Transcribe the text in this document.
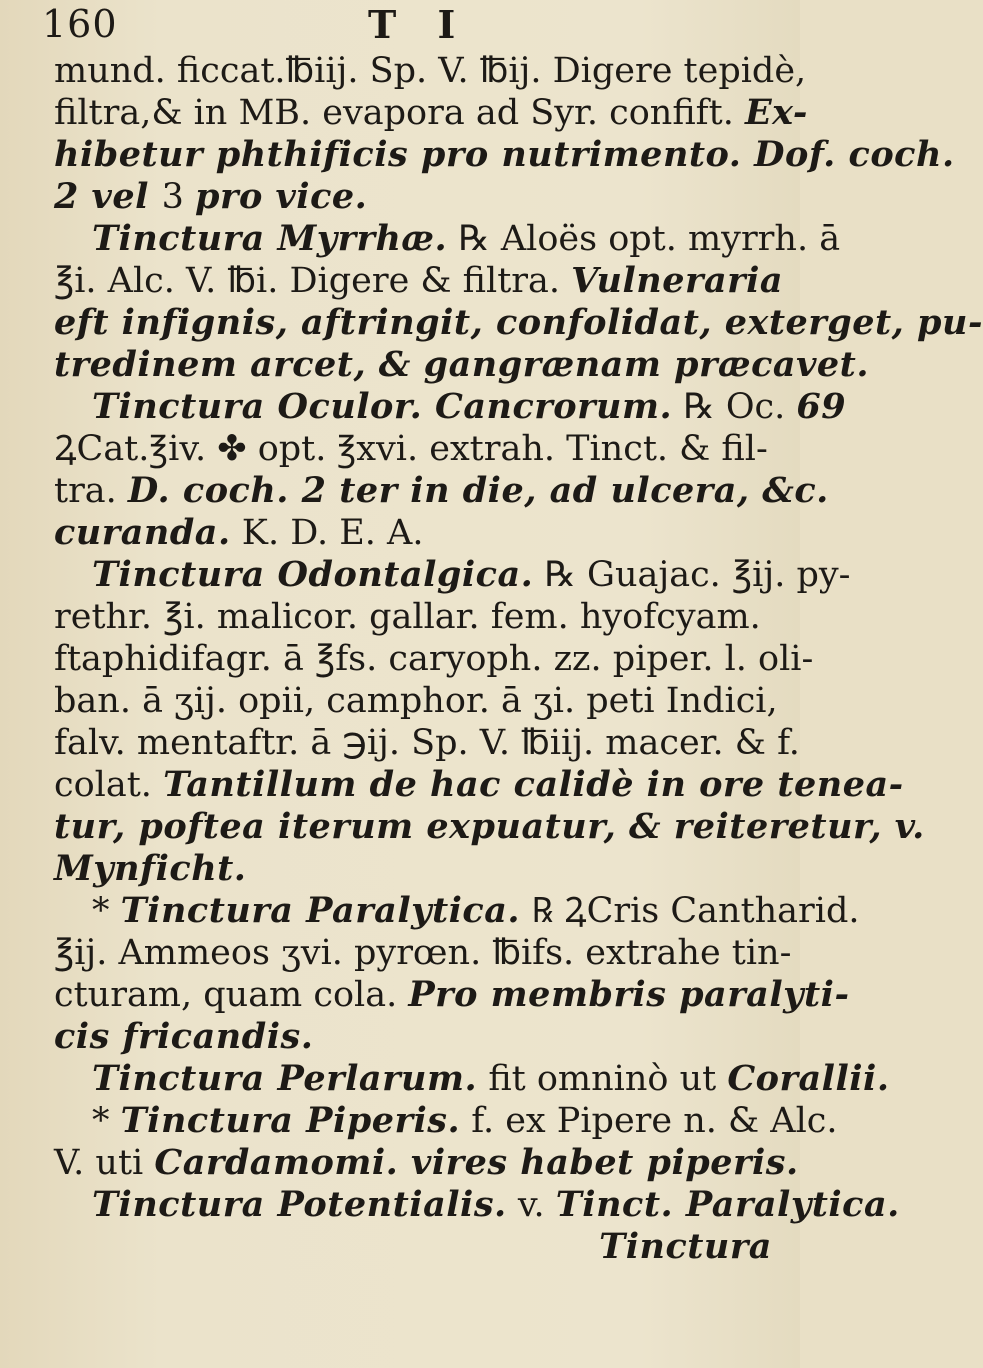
160	T I
mund. ficcat.℔iij. Sp. V. ℔ij. Digere tepidè,
filtra,& in MB. evapora ad Syr. confift. Ex-
hibetur phthificis pro nutrimento. Dof. coch.
2 vel 3 pro vice.
Tinctura Myrrhæ. ℞ Aloës opt. myrrh. ā
℥i. Alc. V. ℔i. Digere & filtra. Vulneraria
eft infignis, aftringit, confolidat, exterget, pu-
tredinem arcet, & gangrænam præcavet.
Tinctura Oculor. Cancrorum. ℞ Oc. 69
ꝜCat.℥iv. ✤ opt. ℥xvi. extrah. Tinct. & fil-
tra. D. coch. 2 ter in die, ad ulcera, &c.
curanda. K. D. E. A.
Tinctura Odontalgica. ℞ Guajac. ℥ij. py-
rethr. ℥i. malicor. gallar. fem. hyofcyam.
ftaphidifagr. ā ℥fs. caryoph. zz. piper. l. oli-
ban. ā ʒij. opii, camphor. ā ʒi. peti Indici,
falv. mentaftr. ā ℈ij. Sp. V. ℔iij. macer. & f.
colat. Tantillum de hac calidè in ore tenea-
tur, poftea iterum expuatur, & reiteretur, v.
Mynficht.
* Tinctura Paralytica. ℞ ꝜCris Cantharid.
℥ij. Ammeos ʒvi. pyrœn. ℔ifs. extrahe tin-
cturam, quam cola. Pro membris paralyti-
cis fricandis.
Tinctura Perlarum. fit omninò ut Corallii.
* Tinctura Piperis. f. ex Pipere n. & Alc.
V. uti Cardamomi. vires habet piperis.
Tinctura Potentialis. v. Tinct. Paralytica.
Tinctura
